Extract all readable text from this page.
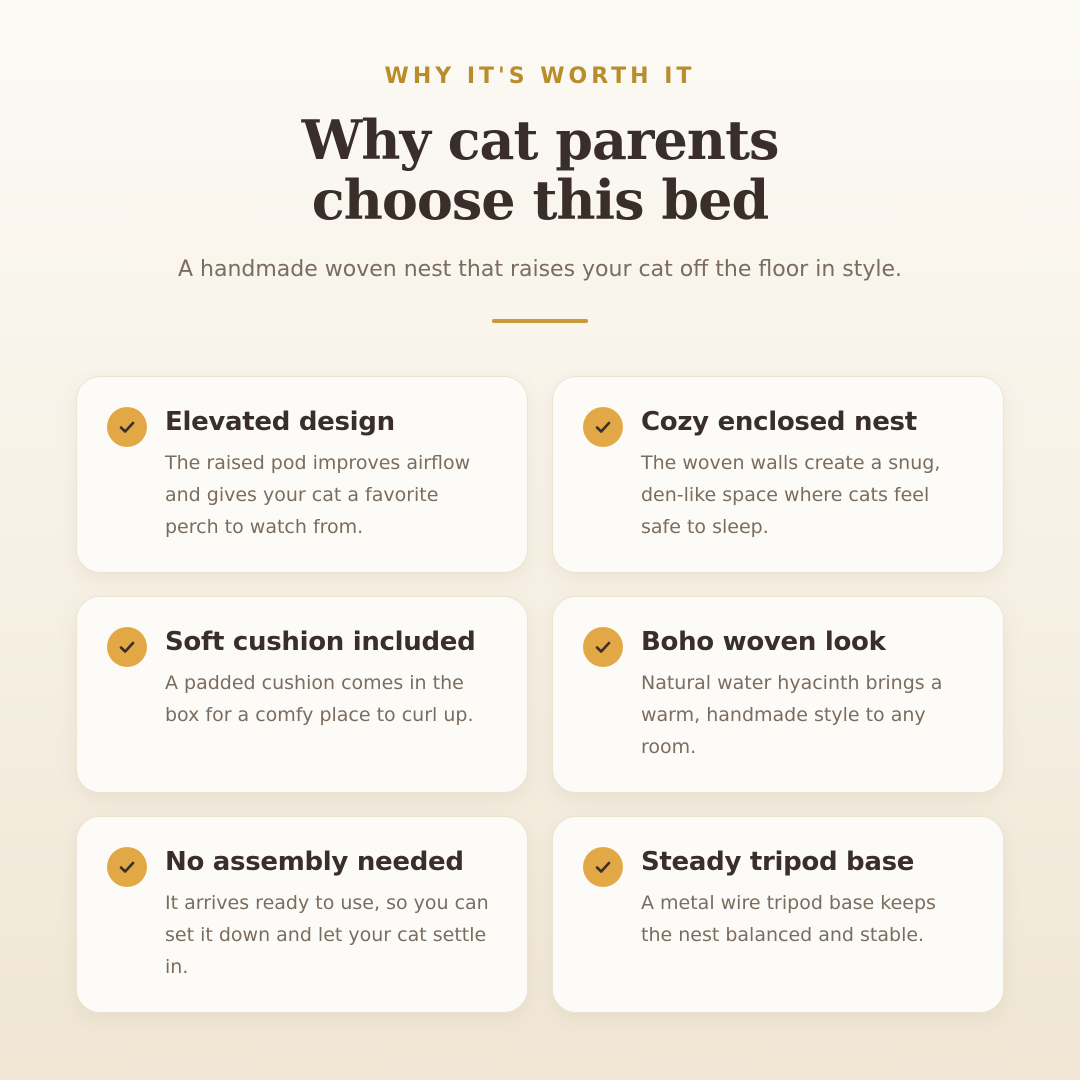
WHY IT'S WORTH IT
Why cat parents
choose this bed

A handmade woven nest that raises your cat off the floor in style.

Elevated design
The raised pod improves airflow and gives your cat a favorite perch to watch from.
Cozy enclosed nest
The woven walls create a snug, den-like space where cats feel safe to sleep.
Soft cushion included
A padded cushion comes in the box for a comfy place to curl up.
Boho woven look
Natural water hyacinth brings a warm, handmade style to any room.
No assembly needed
It arrives ready to use, so you can set it down and let your cat settle in.
Steady tripod base
A metal wire tripod base keeps the nest balanced and stable.
